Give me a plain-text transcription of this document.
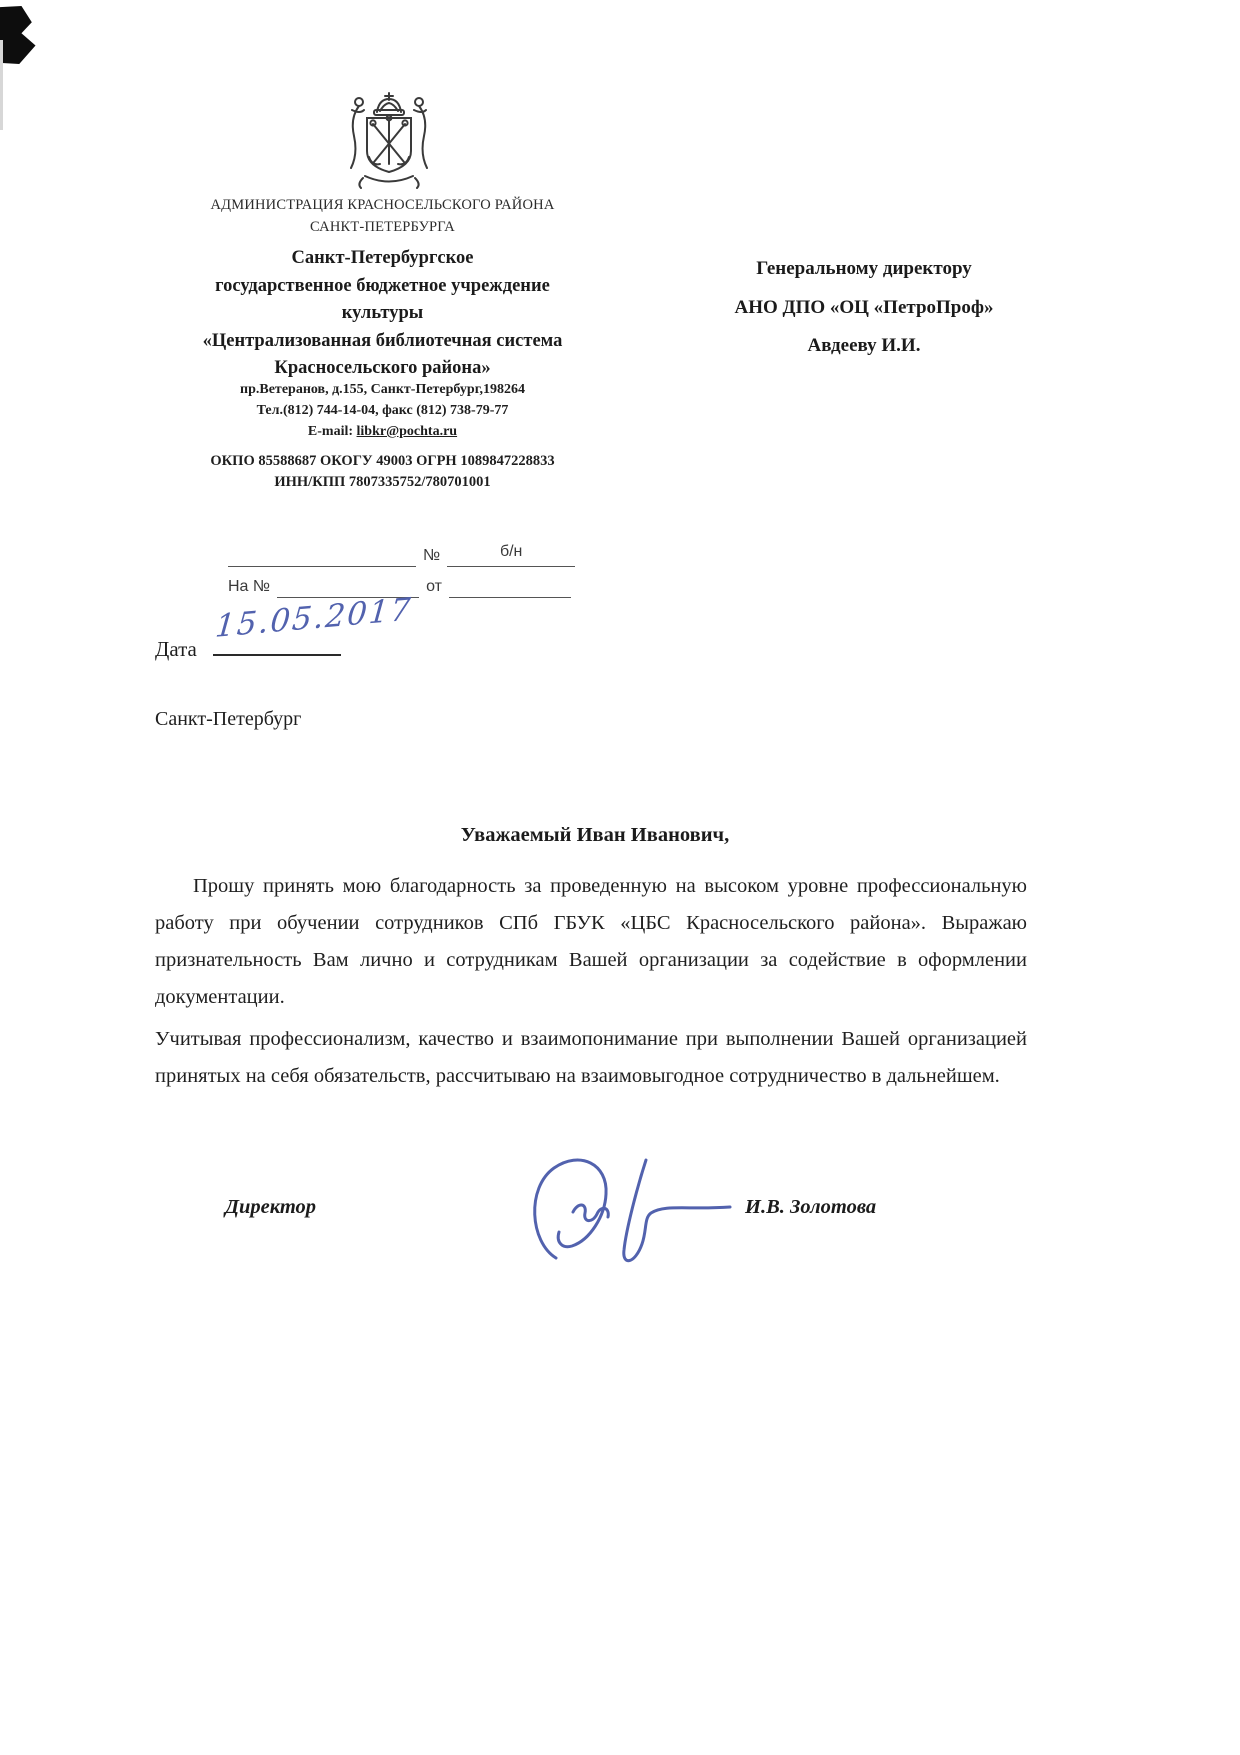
АДМИНИСТРАЦИЯ КРАСНОСЕЛЬСКОГО РАЙОНА
САНКТ-ПЕТЕРБУРГА
Санкт-Петербургское
государственное бюджетное учреждение
культуры
«Централизованная библиотечная система
Красносельского района»
Генеральному директору
АНО ДПО «ОЦ «ПетроПроф»
Авдееву И.И.
пр.Ветеранов, д.155, Санкт-Петербург,198264
Тел.(812) 744-14-04, факс (812) 738-79-77
E-mail: libkr@pochta.ru
ОКПО 85588687 ОКОГУ 49003 ОГРН 1089847228833
ИНН/КПП 7807335752/780701001
№	б/н
На №	от
Дата
15.05.2017
Санкт-Петербург
Уважаемый Иван Иванович,
Прошу принять мою благодарность за проведенную на высоком уровне профессиональную работу при обучении сотрудников СПб ГБУК «ЦБС Красносельского района». Выражаю признательность Вам лично и сотрудникам Вашей организации за содействие в оформлении документации.
Учитывая профессионализм, качество и взаимопонимание при выполнении Вашей организацией принятых на себя обязательств, рассчитываю на взаимовыгодное сотрудничество в дальнейшем.
Директор	И.В. Золотова
